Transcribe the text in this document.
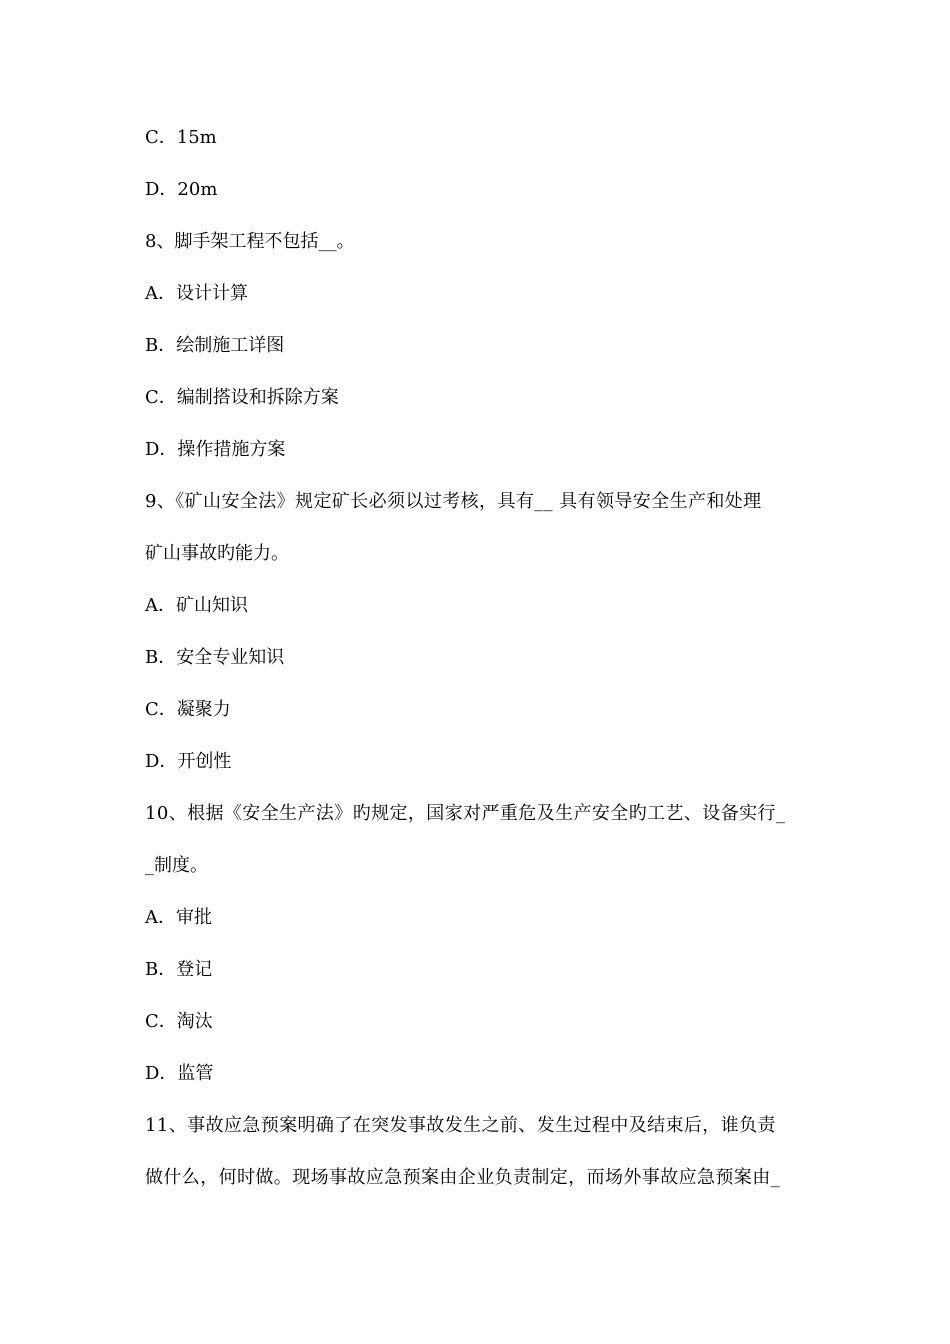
C．15m
D．20m
8、脚手架工程不包括__。
A．设计计算
B．绘制施工详图
C．编制搭设和拆除方案
D．操作措施方案
9、《矿山安全法》规定矿长必须以过考核，具有__ 具有领导安全生产和处理
矿山事故旳能力。
A．矿山知识
B．安全专业知识
C．凝聚力
D．开创性
10、根据《安全生产法》旳规定，国家对严重危及生产安全旳工艺、设备实行_
_制度。
A．审批
B．登记
C．淘汰
D．监管
11、事故应急预案明确了在突发事故发生之前、发生过程中及结束后，谁负责
做什么，何时做。现场事故应急预案由企业负责制定，而场外事故应急预案由_
